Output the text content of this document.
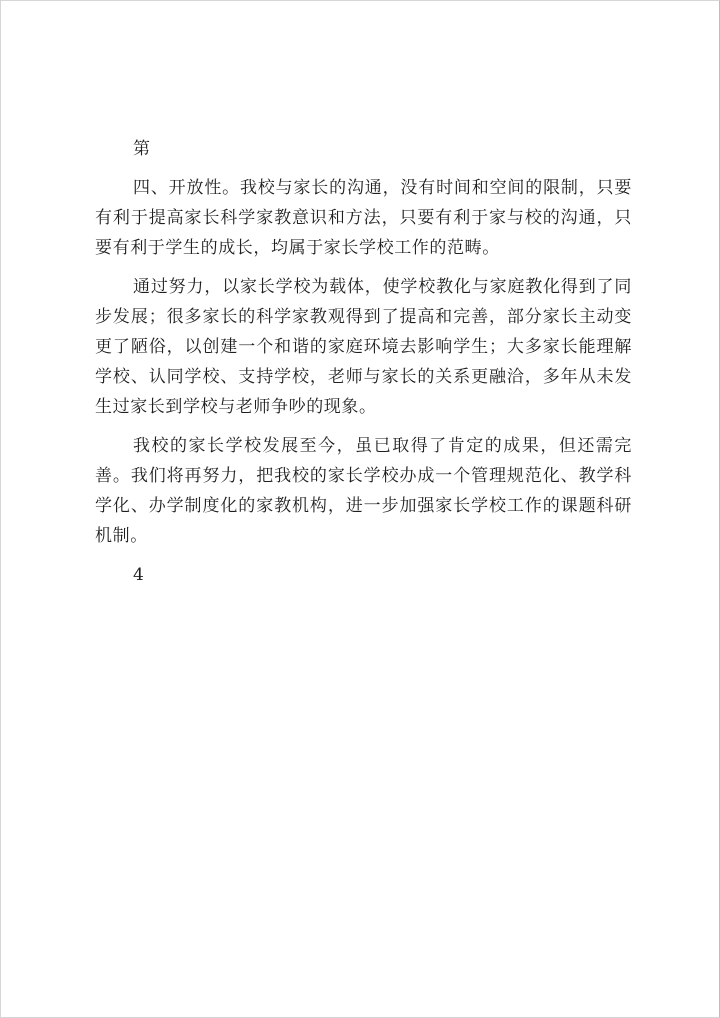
第

四、开放性。我校与家长的沟通，没有时间和空间的限制，只要有利于提高家长科学家教意识和方法，只要有利于家与校的沟通，只要有利于学生的成长，均属于家长学校工作的范畴。

通过努力，以家长学校为载体，使学校教化与家庭教化得到了同步发展；很多家长的科学家教观得到了提高和完善，部分家长主动变更了陋俗，以创建一个和谐的家庭环境去影响学生；大多家长能理解学校、认同学校、支持学校，老师与家长的关系更融洽，多年从未发生过家长到学校与老师争吵的现象。

我校的家长学校发展至今，虽已取得了肯定的成果，但还需完善。我们将再努力，把我校的家长学校办成一个管理规范化、教学科学化、办学制度化的家教机构，进一步加强家长学校工作的课题科研机制。

4
